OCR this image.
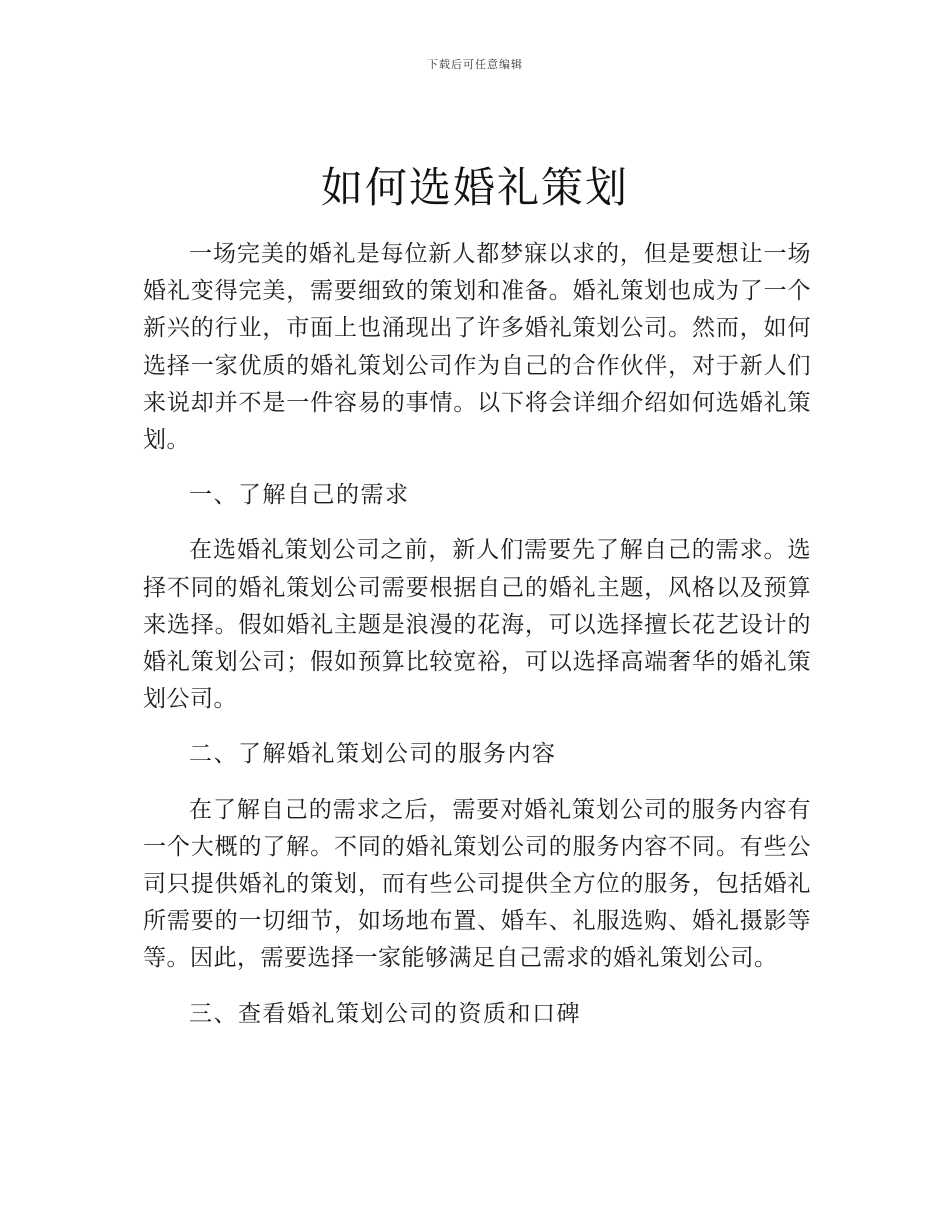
下载后可任意编辑
如何选婚礼策划

一场完美的婚礼是每位新人都梦寐以求的，但是要想让一场婚礼变得完美，需要细致的策划和准备。婚礼策划也成为了一个新兴的行业，市面上也涌现出了许多婚礼策划公司。然而，如何选择一家优质的婚礼策划公司作为自己的合作伙伴，对于新人们来说却并不是一件容易的事情。以下将会详细介绍如何选婚礼策划。

一、了解自己的需求

在选婚礼策划公司之前，新人们需要先了解自己的需求。选择不同的婚礼策划公司需要根据自己的婚礼主题，风格以及预算来选择。假如婚礼主题是浪漫的花海，可以选择擅长花艺设计的婚礼策划公司；假如预算比较宽裕，可以选择高端奢华的婚礼策划公司。

二、了解婚礼策划公司的服务内容

在了解自己的需求之后，需要对婚礼策划公司的服务内容有一个大概的了解。不同的婚礼策划公司的服务内容不同。有些公司只提供婚礼的策划，而有些公司提供全方位的服务，包括婚礼所需要的一切细节，如场地布置、婚车、礼服选购、婚礼摄影等等。因此，需要选择一家能够满足自己需求的婚礼策划公司。

三、查看婚礼策划公司的资质和口碑
